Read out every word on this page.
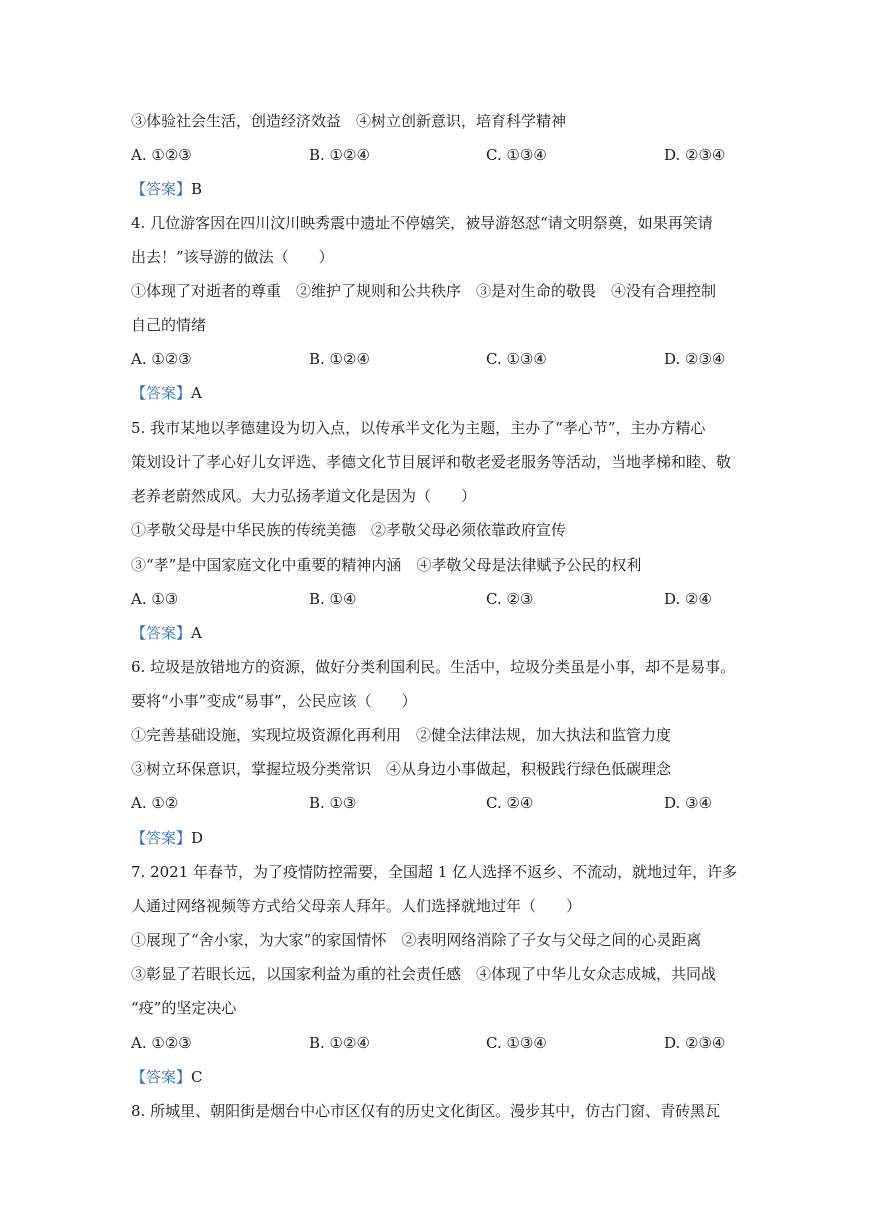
③体验社会生活，创造经济效益　④树立创新意识，培育科学精神
A. ①②③	B. ①②④	C. ①③④	D. ②③④
【答案】B
4. 几位游客因在四川汶川映秀震中遗址不停嬉笑，被导游怒怼“请文明祭奠，如果再笑请
出去！”该导游的做法（　　）
①体现了对逝者的尊重　②维护了规则和公共秩序　③是对生命的敬畏　④没有合理控制
自己的情绪
A. ①②③	B. ①②④	C. ①③④	D. ②③④
【答案】A
5. 我市某地以孝德建设为切入点，以传承半文化为主题，主办了“孝心节”，主办方精心
策划设计了孝心好儿女评选、孝德文化节目展评和敬老爱老服务等活动，当地孝梯和睦、敬
老养老蔚然成风。大力弘扬孝道文化是因为（　　）
①孝敬父母是中华民族的传统美德　②孝敬父母必须依靠政府宣传
③“孝”是中国家庭文化中重要的精神内涵　④孝敬父母是法律赋予公民的权利
A. ①③	B. ①④	C. ②③	D. ②④
【答案】A
6. 垃圾是放错地方的资源，做好分类利国利民。生活中，垃圾分类虽是小事，却不是易事。
要将“小事”变成“易事”，公民应该（　　）
①完善基础设施，实现垃圾资源化再利用　②健全法律法规，加大执法和监管力度
③树立环保意识，掌握垃圾分类常识　④从身边小事做起，积极践行绿色低碳理念
A. ①②	B. ①③	C. ②④	D. ③④
【答案】D
7. 2021 年春节，为了疫情防控需要，全国超 1 亿人选择不返乡、不流动，就地过年，许多
人通过网络视频等方式给父母亲人拜年。人们选择就地过年（　　）
①展现了“舍小家，为大家”的家国情怀　②表明网络消除了子女与父母之间的心灵距离
③彰显了若眼长远，以国家利益为重的社会责任感　④体现了中华儿女众志成城，共同战
“疫”的坚定决心
A. ①②③	B. ①②④	C. ①③④	D. ②③④
【答案】C
8. 所城里、朝阳街是烟台中心市区仅有的历史文化街区。漫步其中，仿古门窗、青砖黑瓦
